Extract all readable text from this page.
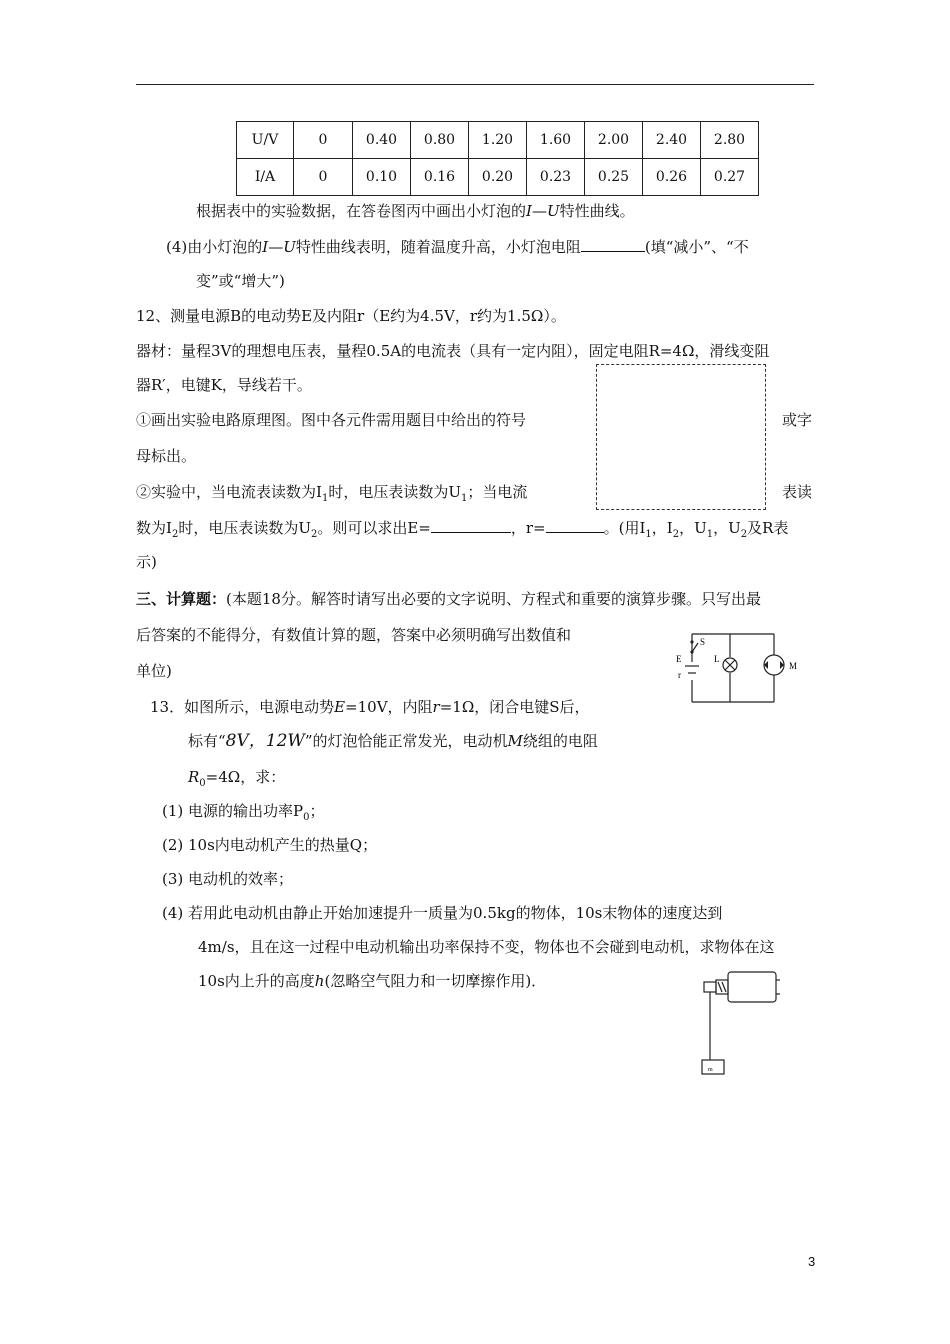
U/V	0	0.40	0.80	1.20	1.60	2.00	2.40	2.80
I/A	0	0.10	0.16	0.20	0.23	0.25	0.26	0.27
根据表中的实验数据，在答卷图丙中画出小灯泡的I—U特性曲线。
(4)由小灯泡的I—U特性曲线表明，随着温度升高，小灯泡电阻	(填“减小”、“不
变”或“增大”)
12、测量电源B的电动势E及内阻r（E约为4.5V，r约为1.5Ω）。
器材：量程3V的理想电压表，量程0.5A的电流表（具有一定内阻），固定电阻R=4Ω，滑线变阻
器R′，电键K，导线若干。
①画出实验电路原理图。图中各元件需用题目中给出的符号	或字
母标出。
②实验中，当电流表读数为$I_1$时，电压表读数为$U_1$；当电流	表读
数为$I_2$时，电压表读数为$U_2$。则可以求出E=	，r=	。(用$I_1$，$I_2$，$U_1$，$U_2$及R表
示)
三、计算题：(本题18分。解答时请写出必要的文字说明、方程式和重要的演算步骤。只写出最
后答案的不能得分，有数值计算的题，答案中必须明确写出数值和
单位)
S
E
r
L
M
13．如图所示，电源电动势E=10V，内阻r=1Ω，闭合电键S后，
标有“8V，12W”的灯泡恰能正常发光，电动机M绕组的电阻
$R_0=4\Omega$，求：
(1) 电源的输出功率$P_0$；
(2) 10s内电动机产生的热量Q；
(3) 电动机的效率；
(4) 若用此电动机由静止开始加速提升一质量为0.5kg的物体，10s末物体的速度达到
4m/s，且在这一过程中电动机输出功率保持不变，物体也不会碰到电动机，求物体在这
10s内上升的高度h(忽略空气阻力和一切摩擦作用)．
m
3
